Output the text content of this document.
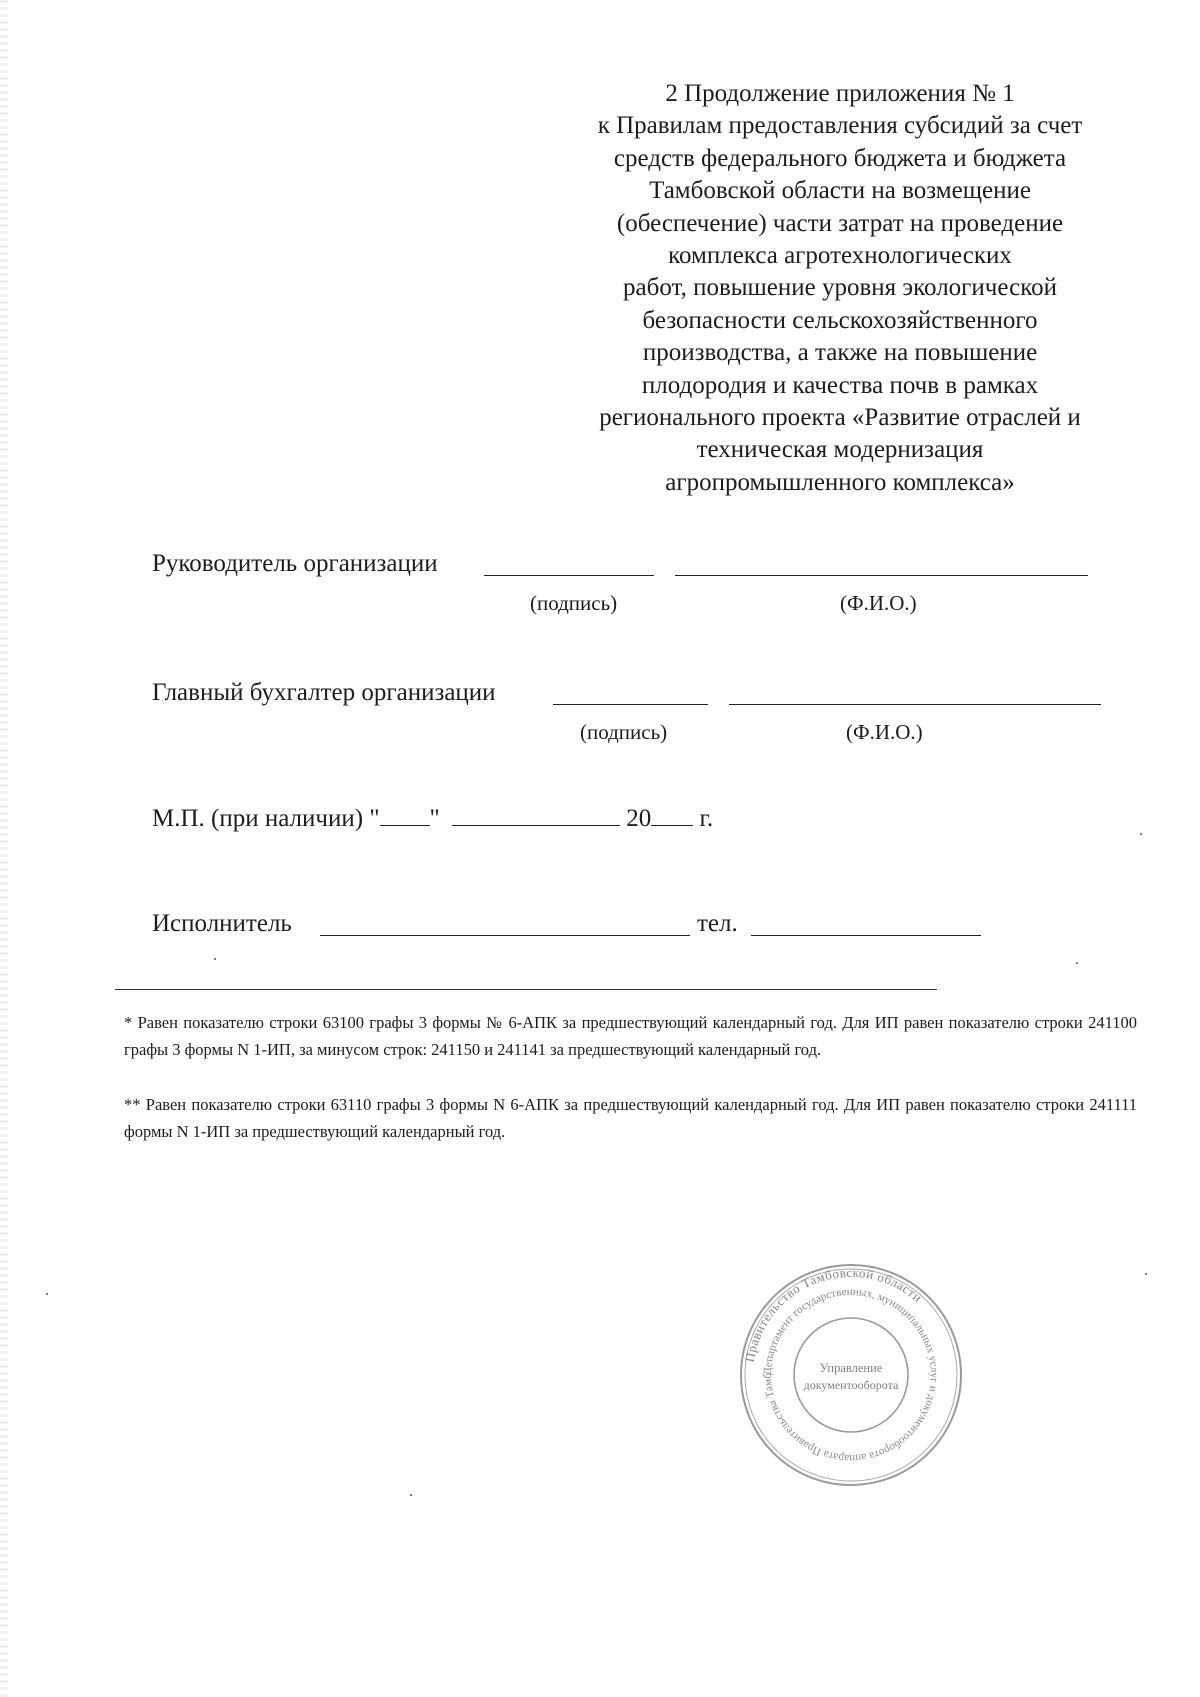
2 Продолжение приложения № 1
к Правилам предоставления субсидий за счет
средств федерального бюджета и бюджета
Тамбовской области на возмещение
(обеспечение) части затрат на проведение
комплекса агротехнологических
работ, повышение уровня экологической
безопасности сельскохозяйственного
производства, а также на повышение
плодородия и качества почв в рамках
регионального проекта «Развитие отраслей и
техническая модернизация
агропромышленного комплекса»
Руководитель организации
(подпись)	(Ф.И.О.)
Главный бухгалтер организации
(подпись)	(Ф.И.О.)
М.П. (при наличии) " "	20 г.
Исполнитель	тел.
* Равен показателю строки 63100 графы 3 формы № 6-АПК за предшествующий календарный год. Для ИП равен показателю строки 241100 графы 3 формы N 1-ИП, за минусом строк: 241150 и 241141 за предшествующий календарный год.
** Равен показателю строки 63110 графы 3 формы N 6-АПК за предшествующий календарный год. Для ИП равен показателю строки 241111 формы N 1-ИП за предшествующий календарный год.
Правительство Тамбовской области
Департамент государственных, муниципальных услуг и документооборота аппарата Правительства Тамб
Управление
документооборота
